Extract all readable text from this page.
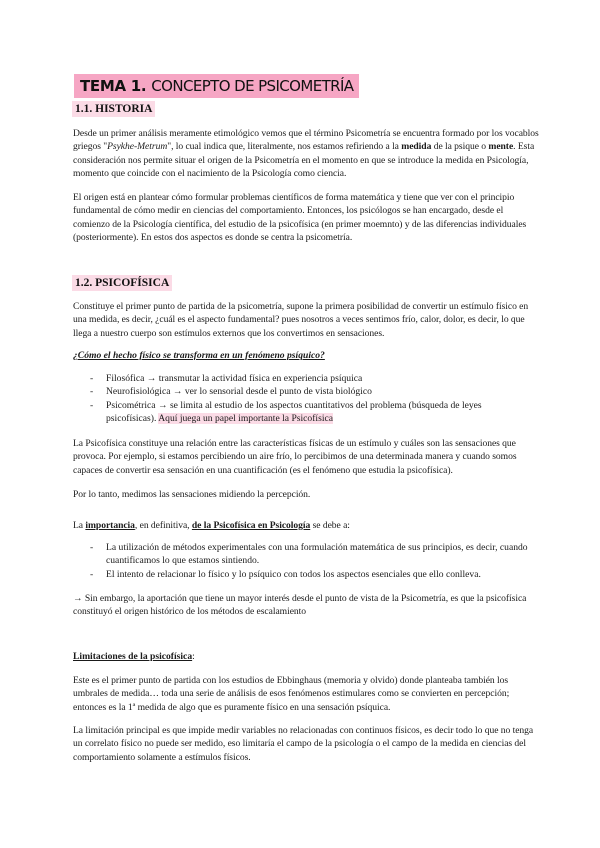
TEMA 1. CONCEPTO DE PSICOMETRÍA
1.1. HISTORIA
Desde un primer análisis meramente etimológico vemos que el término Psicometría se encuentra formado por los vocablos griegos "Psykhe-Metrum", lo cual indica que, literalmente, nos estamos refiriendo a la medida de la psique o mente. Esta consideración nos permite situar el origen de la Psicometría en el momento en que se introduce la medida en Psicología, momento que coincide con el nacimiento de la Psicología como ciencia.
El origen está en plantear cómo formular problemas científicos de forma matemática y tiene que ver con el principio fundamental de cómo medir en ciencias del comportamiento. Entonces, los psicólogos se han encargado, desde el comienzo de la Psicología científica, del estudio de la psicofísica (en primer moemnto) y de las diferencias individuales (posteriormente). En estos dos aspectos es donde se centra la psicometría.
1.2. PSICOFÍSICA
Constituye el primer punto de partida de la psicometría, supone la primera posibilidad de convertir un estímulo físico en una medida, es decir, ¿cuál es el aspecto fundamental? pues nosotros a veces sentimos frío, calor, dolor, es decir, lo que llega a nuestro cuerpo son estímulos externos que los convertimos en sensaciones.
¿Cómo el hecho físico se transforma en un fenómeno psíquico?
- Filosófica → transmutar la actividad física en experiencia psíquica
- Neurofisiológica → ver lo sensorial desde el punto de vista biológico
- Psicométrica → se limita al estudio de los aspectos cuantitativos del problema (búsqueda de leyes psicofísicas). Aquí juega un papel importante la Psicofísica
La Psicofísica constituye una relación entre las características físicas de un estímulo y cuáles son las sensaciones que provoca. Por ejemplo, si estamos percibiendo un aire frío, lo percibimos de una determinada manera y cuando somos capaces de convertir esa sensación en una cuantificación (es el fenómeno que estudia la psicofísica).
Por lo tanto, medimos las sensaciones midiendo la percepción.
La importancia, en definitiva, de la Psicofísica en Psicología se debe a:
- La utilización de métodos experimentales con una formulación matemática de sus principios, es decir, cuando cuantificamos lo que estamos sintiendo.
- El intento de relacionar lo físico y lo psíquico con todos los aspectos esenciales que ello conlleva.
→ Sin embargo, la aportación que tiene un mayor interés desde el punto de vista de la Psicometría, es que la psicofísica constituyó el origen histórico de los métodos de escalamiento
Limitaciones de la psicofísica:
Este es el primer punto de partida con los estudios de Ebbinghaus (memoria y olvido) donde planteaba también los umbrales de medida… toda una serie de análisis de esos fenómenos estimulares como se convierten en percepción; entonces es la 1ª medida de algo que es puramente físico en una sensación psíquica.
La limitación principal es que impide medir variables no relacionadas con continuos físicos, es decir todo lo que no tenga un correlato físico no puede ser medido, eso limitaría el campo de la psicología o el campo de la medida en ciencias del comportamiento solamente a estímulos físicos.
